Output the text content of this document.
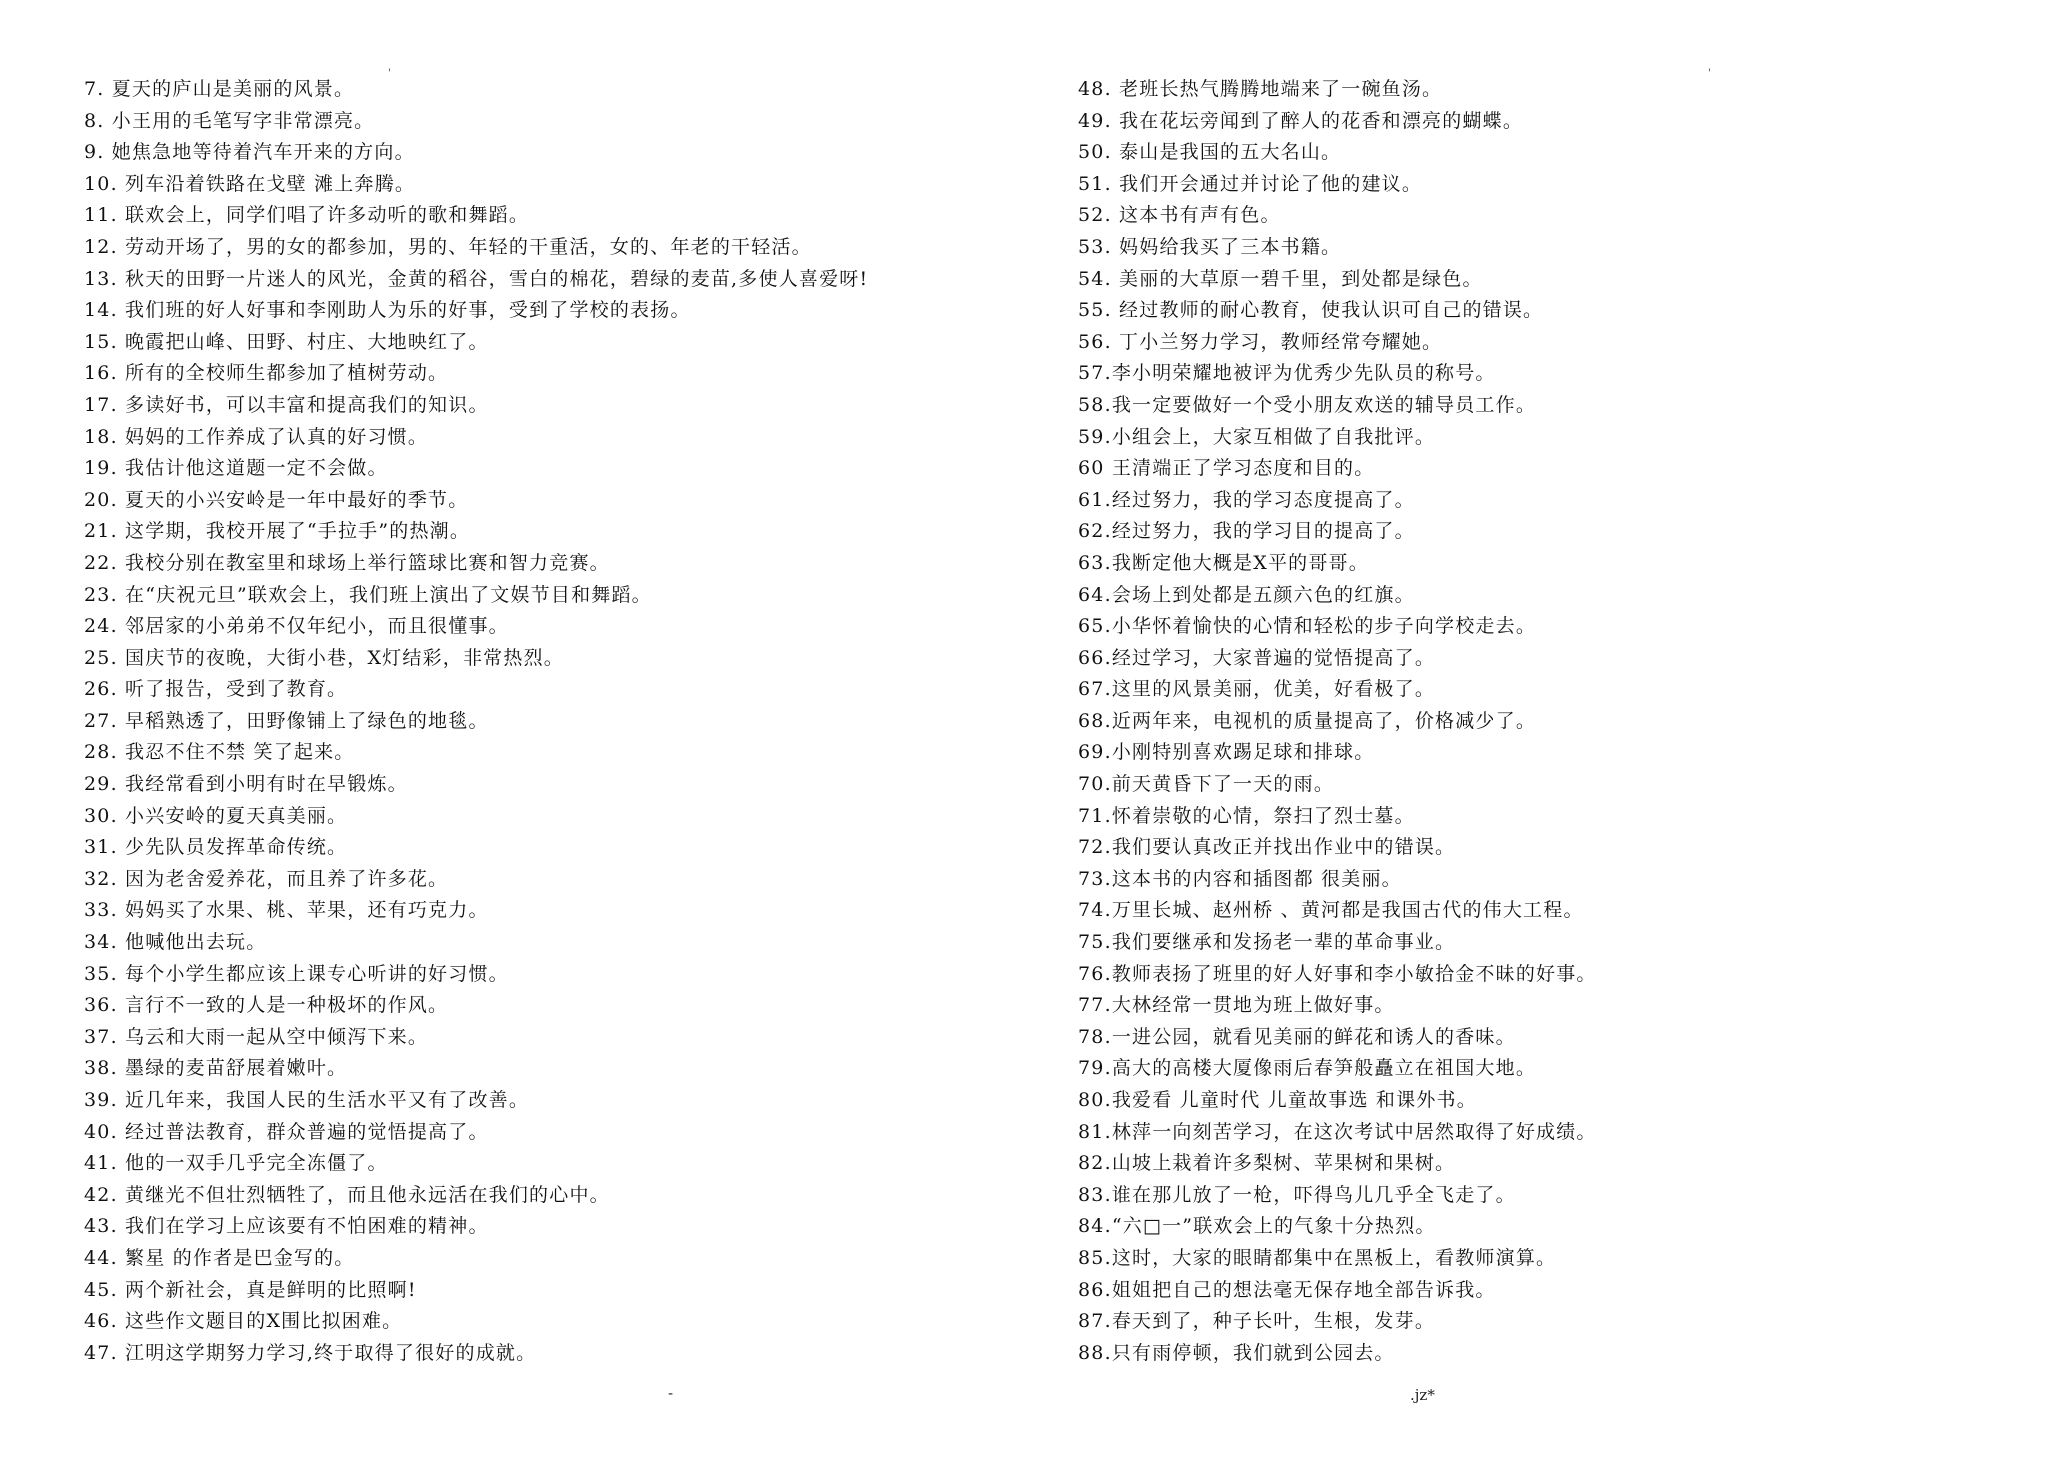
'	'
7. 夏天的庐山是美丽的风景。
8. 小王用的毛笔写字非常漂亮。
9. 她焦急地等待着汽车开来的方向。
10. 列车沿着铁路在戈壁 滩上奔腾。
11. 联欢会上，同学们唱了许多动听的歌和舞蹈。
12. 劳动开场了，男的女的都参加，男的、年轻的干重活，女的、年老的干轻活。
13. 秋天的田野一片迷人的风光，金黄的稻谷，雪白的棉花，碧绿的麦苗,多使人喜爱呀!
14. 我们班的好人好事和李刚助人为乐的好事，受到了学校的表扬。
15. 晚霞把山峰、田野、村庄、大地映红了。
16. 所有的全校师生都参加了植树劳动。
17. 多读好书，可以丰富和提高我们的知识。
18. 妈妈的工作养成了认真的好习惯。
19. 我估计他这道题一定不会做。
20. 夏天的小兴安岭是一年中最好的季节。
21. 这学期，我校开展了“手拉手”的热潮。
22. 我校分别在教室里和球场上举行篮球比赛和智力竞赛。
23. 在“庆祝元旦”联欢会上，我们班上演出了文娱节目和舞蹈。
24. 邻居家的小弟弟不仅年纪小，而且很懂事。
25. 国庆节的夜晚，大街小巷，X灯结彩，非常热烈。
26. 听了报告，受到了教育。
27. 早稻熟透了，田野像铺上了绿色的地毯。
28. 我忍不住不禁 笑了起来。
29. 我经常看到小明有时在早锻炼。
30. 小兴安岭的夏天真美丽。
31. 少先队员发挥革命传统。
32. 因为老舍爱养花，而且养了许多花。
33. 妈妈买了水果、桃、苹果，还有巧克力。
34. 他喊他出去玩。
35. 每个小学生都应该上课专心听讲的好习惯。
36. 言行不一致的人是一种极坏的作风。
37. 乌云和大雨一起从空中倾泻下来。
38. 墨绿的麦苗舒展着嫩叶。
39. 近几年来，我国人民的生活水平又有了改善。
40. 经过普法教育，群众普遍的觉悟提高了。
41. 他的一双手几乎完全冻僵了。
42. 黄继光不但壮烈牺牲了，而且他永远活在我们的心中。
43. 我们在学习上应该要有不怕困难的精神。
44. 繁星 的作者是巴金写的。
45. 两个新社会，真是鲜明的比照啊!
46. 这些作文题目的X围比拟困难。
47. 江明这学期努力学习,终于取得了很好的成就。
48. 老班长热气腾腾地端来了一碗鱼汤。
49. 我在花坛旁闻到了醉人的花香和漂亮的蝴蝶。
50. 泰山是我国的五大名山。
51. 我们开会通过并讨论了他的建议。
52. 这本书有声有色。
53. 妈妈给我买了三本书籍。
54. 美丽的大草原一碧千里，到处都是绿色。
55. 经过教师的耐心教育，使我认识可自己的错误。
56. 丁小兰努力学习，教师经常夸耀她。
57.李小明荣耀地被评为优秀少先队员的称号。
58.我一定要做好一个受小朋友欢送的辅导员工作。
59.小组会上，大家互相做了自我批评。
60 王清端正了学习态度和目的。
61.经过努力，我的学习态度提高了。
62.经过努力，我的学习目的提高了。
63.我断定他大概是X平的哥哥。
64.会场上到处都是五颜六色的红旗。
65.小华怀着愉快的心情和轻松的步子向学校走去。
66.经过学习，大家普遍的觉悟提高了。
67.这里的风景美丽，优美，好看极了。
68.近两年来，电视机的质量提高了，价格减少了。
69.小刚特别喜欢踢足球和排球。
70.前天黄昏下了一天的雨。
71.怀着崇敬的心情，祭扫了烈士墓。
72.我们要认真改正并找出作业中的错误。
73.这本书的内容和插图都 很美丽。
74.万里长城、赵州桥 、黄河都是我国古代的伟大工程。
75.我们要继承和发扬老一辈的革命事业。
76.教师表扬了班里的好人好事和李小敏拾金不昧的好事。
77.大林经常一贯地为班上做好事。
78.一进公园，就看见美丽的鲜花和诱人的香味。
79.高大的高楼大厦像雨后春笋般矗立在祖国大地。
80.我爱看 儿童时代 儿童故事选 和课外书。
81.林萍一向刻苦学习，在这次考试中居然取得了好成绩。
82.山坡上栽着许多梨树、苹果树和果树。
83.谁在那儿放了一枪，吓得鸟儿几乎全飞走了。
84.“六□一”联欢会上的气象十分热烈。
85.这时，大家的眼睛都集中在黑板上，看教师演算。
86.姐姐把自己的想法毫无保存地全部告诉我。
87.春天到了，种子长叶，生根，发芽。
88.只有雨停顿，我们就到公园去。
-	.jz*
